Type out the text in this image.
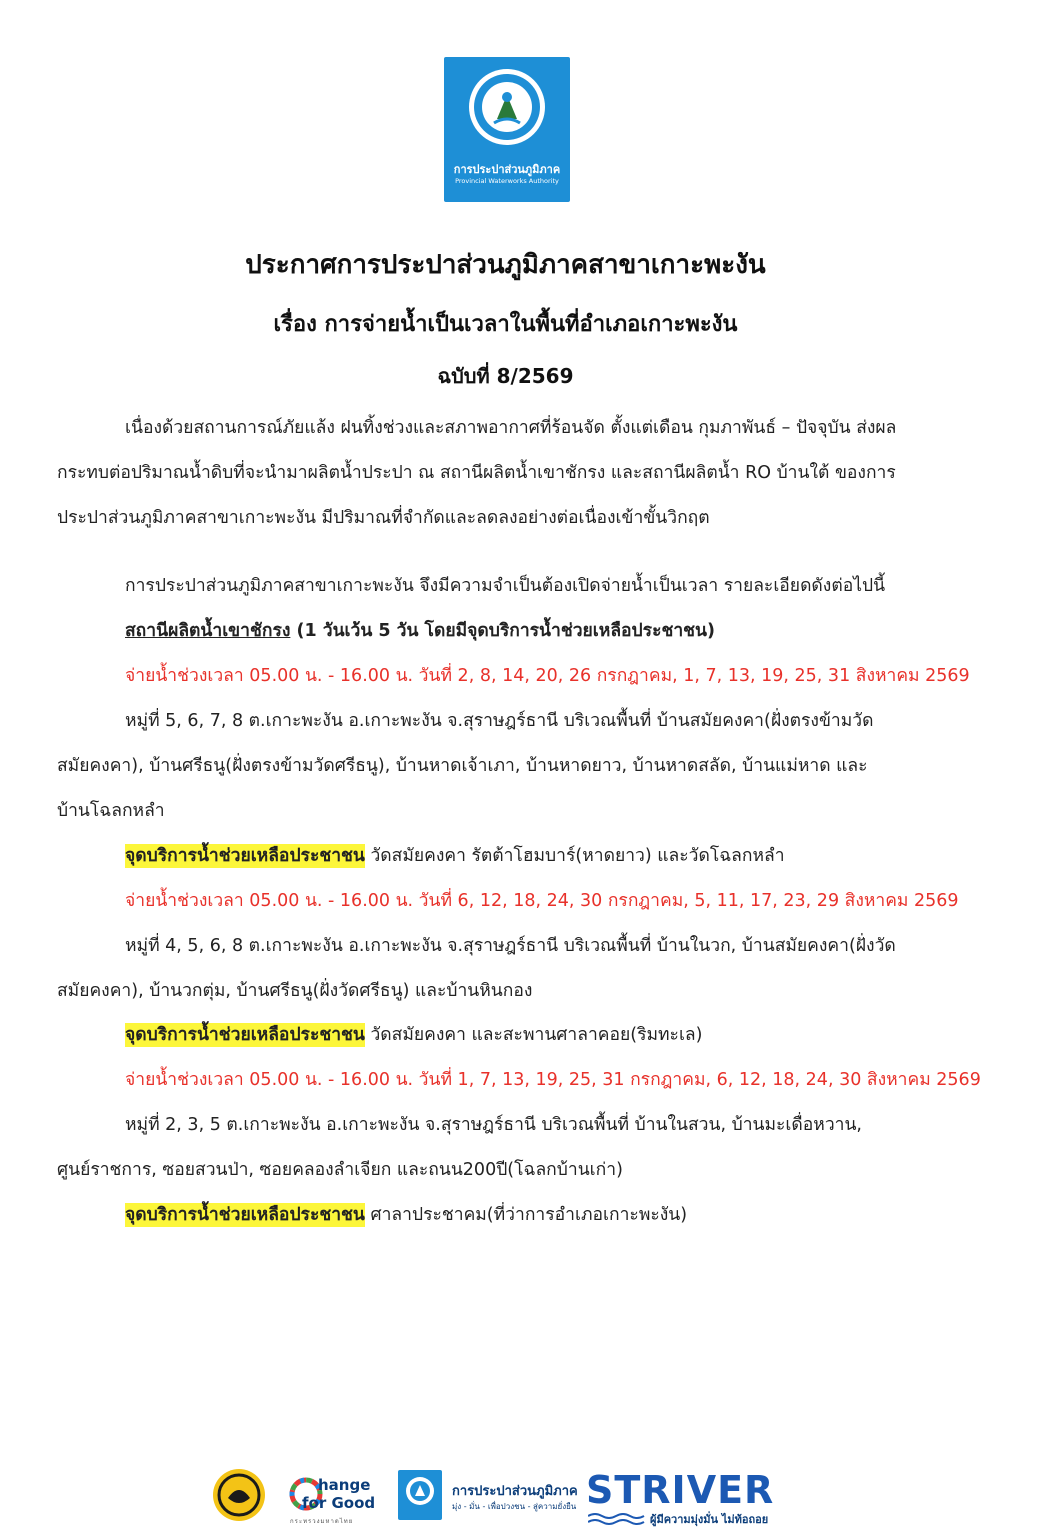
การประปาส่วนภูมิภาค
Provincial Waterworks Authority
ประกาศการประปาส่วนภูมิภาคสาขาเกาะพะงัน
เรื่อง การจ่ายน้ำเป็นเวลาในพื้นที่อำเภอเกาะพะงัน
ฉบับที่ 8/2569
เนื่องด้วยสถานการณ์ภัยแล้ง ฝนทิ้งช่วงและสภาพอากาศที่ร้อนจัด ตั้งแต่เดือน กุมภาพันธ์ – ปัจจุบัน ส่งผล
กระทบต่อปริมาณน้ำดิบที่จะนำมาผลิตน้ำประปา ณ สถานีผลิตน้ำเขาชักรง และสถานีผลิตน้ำ RO บ้านใต้ ของการ
ประปาส่วนภูมิภาคสาขาเกาะพะงัน มีปริมาณที่จำกัดและลดลงอย่างต่อเนื่องเข้าขั้นวิกฤต
การประปาส่วนภูมิภาคสาขาเกาะพะงัน จึงมีความจำเป็นต้องเปิดจ่ายน้ำเป็นเวลา รายละเอียดดังต่อไปนี้
สถานีผลิตน้ำเขาชักรง (1 วันเว้น 5 วัน โดยมีจุดบริการน้ำช่วยเหลือประชาชน)
จ่ายน้ำช่วงเวลา 05.00 น. - 16.00 น. วันที่ 2, 8, 14, 20, 26 กรกฎาคม, 1, 7, 13, 19, 25, 31 สิงหาคม 2569
หมู่ที่ 5, 6, 7, 8 ต.เกาะพะงัน อ.เกาะพะงัน จ.สุราษฎร์ธานี บริเวณพื้นที่ บ้านสมัยคงคา(ฝั่งตรงข้ามวัด
สมัยคงคา), บ้านศรีธนู(ฝั่งตรงข้ามวัดศรีธนู), บ้านหาดเจ้าเภา, บ้านหาดยาว, บ้านหาดสลัด, บ้านแม่หาด และ
บ้านโฉลกหลำ
จุดบริการน้ำช่วยเหลือประชาชน วัดสมัยคงคา รัตต้าโฮมบาร์(หาดยาว) และวัดโฉลกหลำ
จ่ายน้ำช่วงเวลา 05.00 น. - 16.00 น. วันที่ 6, 12, 18, 24, 30 กรกฎาคม, 5, 11, 17, 23, 29 สิงหาคม 2569
หมู่ที่ 4, 5, 6, 8 ต.เกาะพะงัน อ.เกาะพะงัน จ.สุราษฎร์ธานี บริเวณพื้นที่ บ้านในวก, บ้านสมัยคงคา(ฝั่งวัด
สมัยคงคา), บ้านวกตุ่ม, บ้านศรีธนู(ฝั่งวัดศรีธนู) และบ้านหินกอง
จุดบริการน้ำช่วยเหลือประชาชน วัดสมัยคงคา และสะพานศาลาคอย(ริมทะเล)
จ่ายน้ำช่วงเวลา 05.00 น. - 16.00 น. วันที่ 1, 7, 13, 19, 25, 31 กรกฎาคม, 6, 12, 18, 24, 30 สิงหาคม 2569
หมู่ที่ 2, 3, 5 ต.เกาะพะงัน อ.เกาะพะงัน จ.สุราษฎร์ธานี บริเวณพื้นที่ บ้านในสวน, บ้านมะเดื่อหวาน,
ศูนย์ราชการ, ซอยสวนป่า, ซอยคลองลำเจียก และถนน200ปี(โฉลกบ้านเก่า)
จุดบริการน้ำช่วยเหลือประชาชน ศาลาประชาคม(ที่ว่าการอำเภอเกาะพะงัน)
hange
for Good
กระทรวงมหาดไทย
การประปาส่วนภูมิภาค
มุ่ง - มั่น - เพื่อปวงชน - สู่ความยั่งยืน STRIVER
ผู้มีความมุ่งมั่น ไม่ท้อถอย
